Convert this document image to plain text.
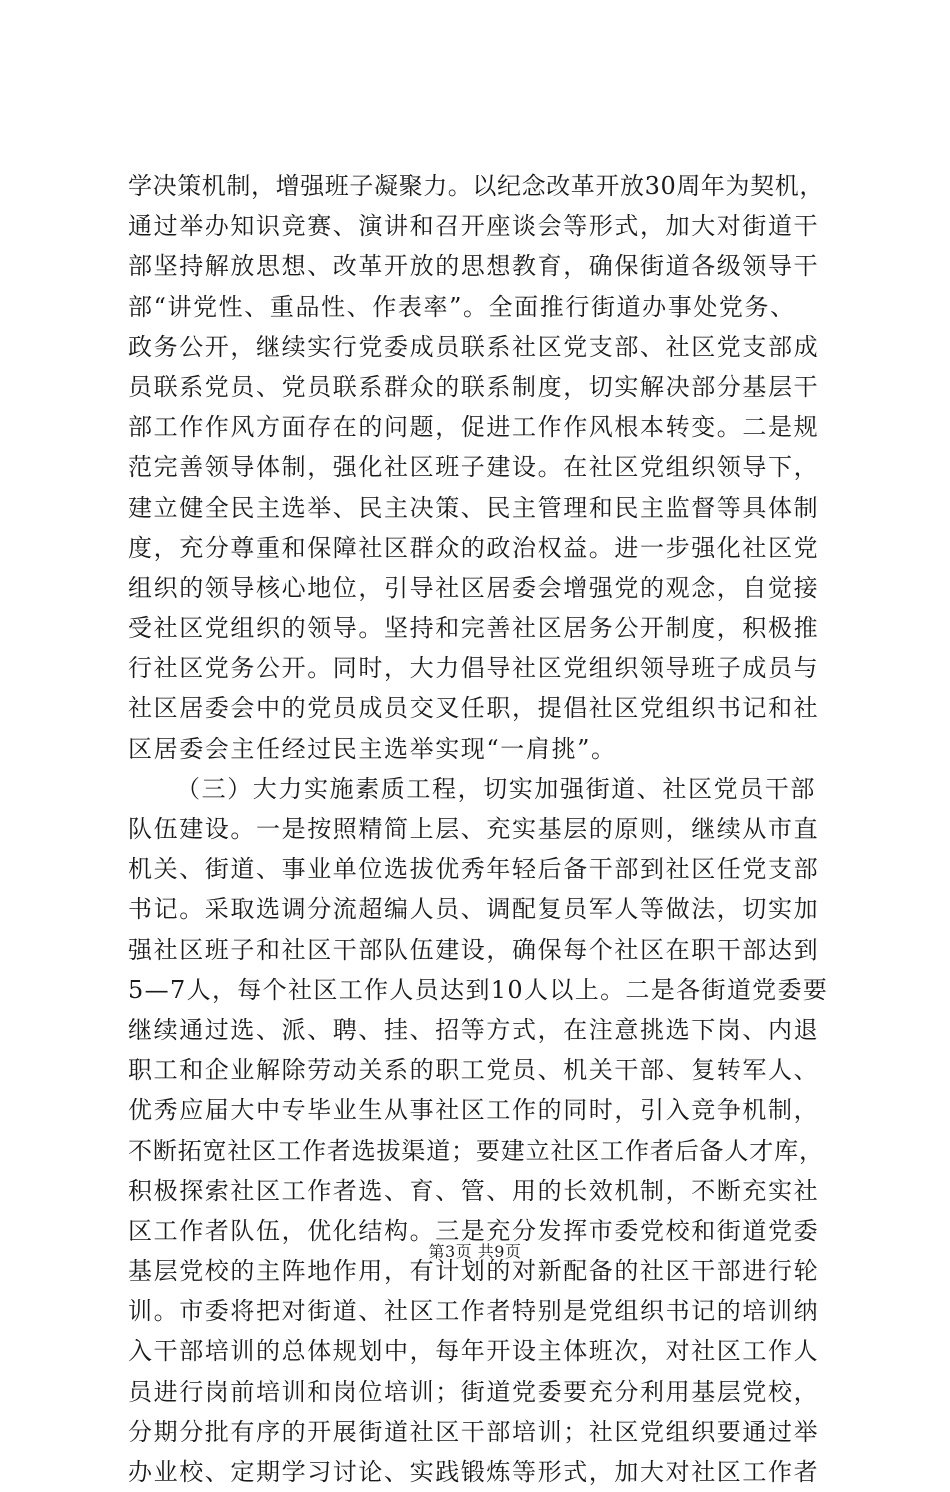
学决策机制，增强班子凝聚力。以纪念改革开放30周年为契机，
通过举办知识竞赛、演讲和召开座谈会等形式，加大对街道干
部坚持解放思想、改革开放的思想教育，确保街道各级领导干
部“讲党性、重品性、作表率”。全面推行街道办事处党务、
政务公开，继续实行党委成员联系社区党支部、社区党支部成
员联系党员、党员联系群众的联系制度，切实解决部分基层干
部工作作风方面存在的问题，促进工作作风根本转变。二是规
范完善领导体制，强化社区班子建设。在社区党组织领导下，
建立健全民主选举、民主决策、民主管理和民主监督等具体制
度，充分尊重和保障社区群众的政治权益。进一步强化社区党
组织的领导核心地位，引导社区居委会增强党的观念，自觉接
受社区党组织的领导。坚持和完善社区居务公开制度，积极推
行社区党务公开。同时，大力倡导社区党组织领导班子成员与
社区居委会中的党员成员交叉任职，提倡社区党组织书记和社
区居委会主任经过民主选举实现“一肩挑”。
（三）大力实施素质工程，切实加强街道、社区党员干部
队伍建设。一是按照精简上层、充实基层的原则，继续从市直
机关、街道、事业单位选拔优秀年轻后备干部到社区任党支部
书记。采取选调分流超编人员、调配复员军人等做法，切实加
强社区班子和社区干部队伍建设，确保每个社区在职干部达到
5—7人，每个社区工作人员达到10人以上。二是各街道党委要
继续通过选、派、聘、挂、招等方式，在注意挑选下岗、内退
职工和企业解除劳动关系的职工党员、机关干部、复转军人、
优秀应届大中专毕业生从事社区工作的同时，引入竞争机制，
不断拓宽社区工作者选拔渠道；要建立社区工作者后备人才库，
积极探索社区工作者选、育、管、用的长效机制，不断充实社
区工作者队伍，优化结构。三是充分发挥市委党校和街道党委
基层党校的主阵地作用，有计划的对新配备的社区干部进行轮
训。市委将把对街道、社区工作者特别是党组织书记的培训纳
入干部培训的总体规划中，每年开设主体班次，对社区工作人
员进行岗前培训和岗位培训；街道党委要充分利用基层党校，
分期分批有序的开展街道社区干部培训；社区党组织要通过举
办业校、定期学习讨论、实践锻炼等形式，加大对社区工作者
第3页 共9页
